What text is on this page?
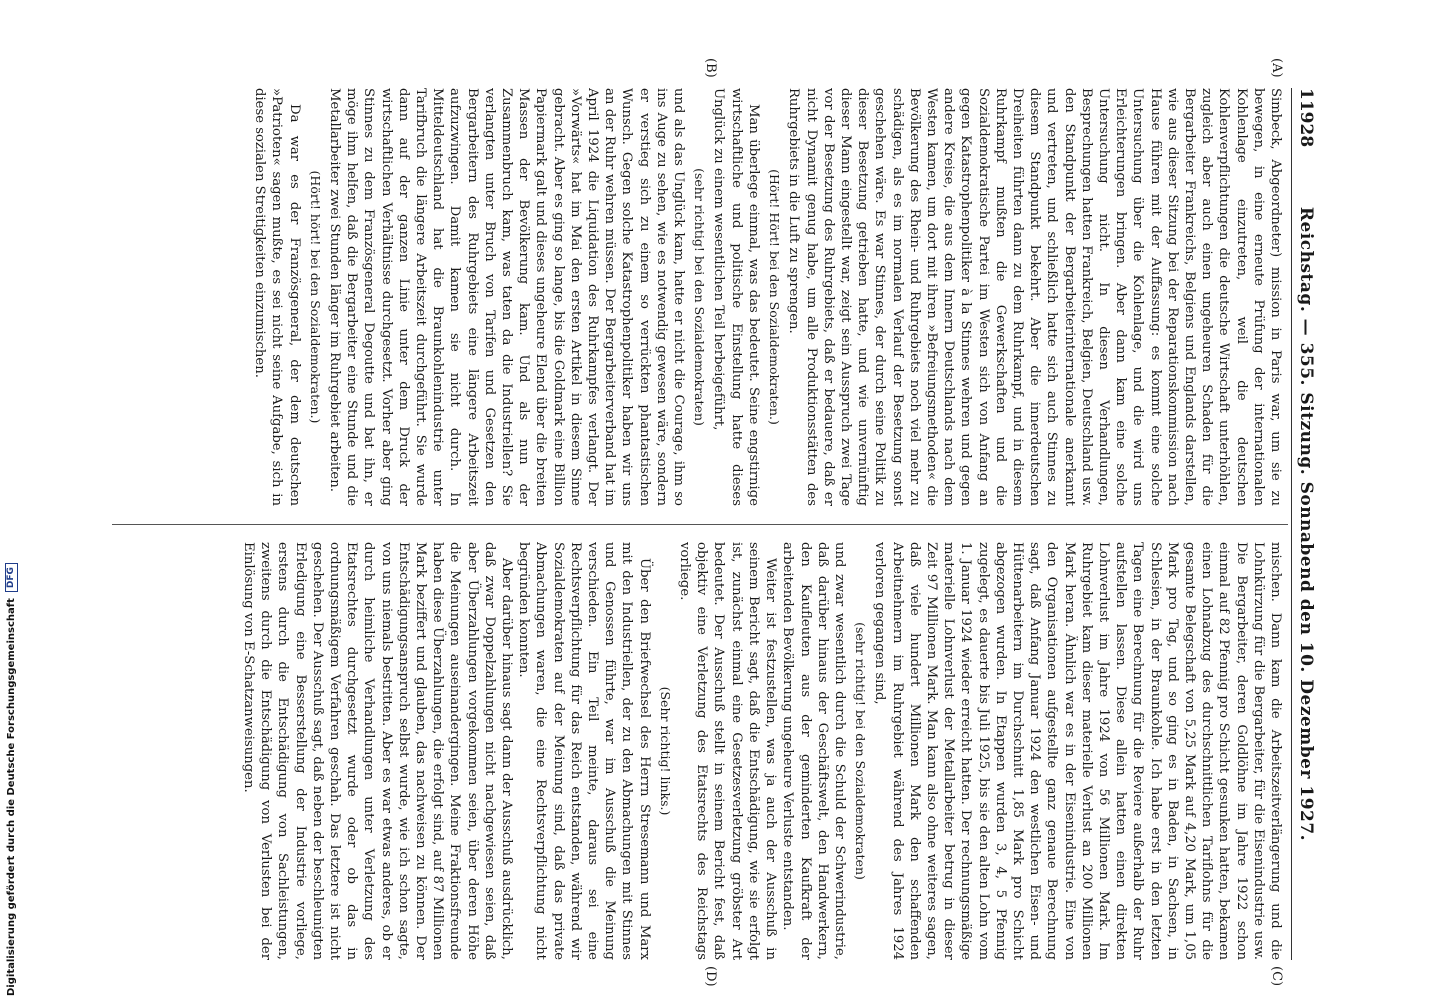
11928
Reichstag. — 355. Sitzung. Sonnabend den 10. Dezember 1927.
(A)
(B)
(C)
(D)

Simbeck, Abgeordneter) mission in Paris war, um sie zu bewegen, in eine erneute Prüfung der internationalen Kohlenlage einzutreten, weil die deutschen Kohlenverpflichtungen die deutsche Wirtschaft unterhöhlen, zugleich aber auch einen ungeheuren Schaden für die Bergarbeiter Frankreichs, Belgiens und Englands darstellen, wie aus dieser Sitzung bei der Reparationskommission nach Hause führen mit der Auffassung: es kommt eine solche Untersuchung über die Kohlenlage, und die wird uns Erleichterungen bringen. Aber dann kam eine solche Untersuchung nicht. In diesen Verhandlungen, Besprechungen hatten Frankreich, Belgien, Deutschland usw. den Standpunkt der Bergarbeiterinternationale anerkannt und vertreten, und schließlich hatte sich auch Stinnes zu diesem Standpunkt bekehrt. Aber die innerdeutschen Dreiheiten führten dann zu dem Ruhrkampf, und in diesem Ruhrkampf mußten die Gewerkschaften und die Sozialdemokratische Partei im Westen sich von Anfang an gegen Katastrophenpolitiker à la Stinnes wehren und gegen andere Kreise, die aus dem Innern Deutschlands nach dem Westen kamen, um dort mit ihren »Befreiungsmethoden« die Bevölkerung des Rhein- und Ruhrgebiets noch viel mehr zu schädigen, als es im normalen Verlauf der Besetzung sonst geschehen wäre. Es war Stinnes, der durch seine Politik zu dieser Besetzung getrieben hatte, und wie unvernünftig dieser Mann eingestellt war, zeigt sein Ausspruch zwei Tage vor der Besetzung des Ruhrgebiets, daß er bedauere, daß er nicht Dynamit genug habe, um alle Produktionsstätten des Ruhrgebiets in die Luft zu sprengen.

(Hört! Hört! bei den Sozialdemokraten.)

Man überlege einmal, was das bedeutet. Seine engstirnige wirtschaftliche und politische Einstellung hatte dieses Unglück zu einem wesentlichen Teil herbeigeführt,

(sehr richtig! bei den Sozialdemokraten)

und als das Unglück kam, hatte er nicht die Courage, ihm so ins Auge zu sehen, wie es notwendig gewesen wäre, sondern er verstieg sich zu einem so verrückten phantastischen Wunsch. Gegen solche Katastrophenpolitiker haben wir uns an der Ruhr wehren müssen. Der Bergarbeiterverband hat im April 1924 die Liquidation des Ruhrkampfes verlangt. Der »Vorwärts« hat im Mai den ersten Artikel in diesem Sinne gebracht. Aber es ging so lange, bis die Goldmark eine Billion Papiermark galt und dieses ungeheure Elend über die breiten Massen der Bevölkerung kam. Und als nun der Zusammenbruch kam, was taten da die Industriellen? Sie verlangten unter Bruch von Tarifen und Gesetzen den Bergarbeitern des Ruhrgebiets eine längere Arbeitszeit aufzuzwingen. Damit kamen sie nicht durch. In Mitteldeutschland hat die Braunkohlenindustrie unter Tarifbruch die längere Arbeitszeit durchgeführt. Sie wurde dann auf der ganzen Linie unter dem Druck der wirtschaftlichen Verhältnisse durchgesetzt. Vorher aber ging Stinnes zu dem Französgeneral Degoutte und bat ihn, er möge ihm helfen, daß die Bergarbeiter eine Stunde und die Metallarbeiter zwei Stunden länger im Ruhrgebiet arbeiten.

(Hört! hört! bei den Sozialdemokraten.)

Da war es der Französgeneral, der dem deutschen »Patrioten« sagen mußte, es sei nicht seine Aufgabe, sich in diese sozialen Streitigkeiten einzumischen.

mischen. Dann kam die Arbeitszeitverlängerung und die Lohnkürzung für die Bergarbeiter, für die Eisenindustrie usw. Die Bergarbeiter, deren Goldlöhne im Jahre 1922 schon einmal auf 82 Pfennig pro Schicht gesunken hatten, bekamen einen Lohnabzug des durchschnittlichen Tariflohns für die gesamte Belegschaft von 5,25 Mark auf 4,20 Mark, um 1,05 Mark pro Tag, und so ging es in Baden, in Sachsen, in Schlesien, in der Braunkohle. Ich habe erst in den letzten Tagen eine Berechnung für die Reviere außerhalb der Ruhr aufstellen lassen. Diese allein hatten einen direkten Lohnverlust im Jahre 1924 von 56 Millionen Mark. Im Ruhrgebiet kam dieser materielle Verlust an 200 Millionen Mark heran. Ähnlich war es in der Eisenindustrie. Eine von den Organisationen aufgestellte ganz genaue Berechnung sagt, daß Anfang Januar 1924 den westlichen Eisen- und Hüttenarbeitern im Durchschnitt 1,85 Mark pro Schicht abgezogen wurden. In Etappen wurden 3, 4, 5 Pfennig zugelegt, es dauerte bis Juli 1925, bis sie den alten Lohn vom 1. Januar 1924 wieder erreicht hatten. Der rechnungsmäßige materielle Lohnverlust der Metallarbeiter betrug in dieser Zeit 97 Millionen Mark. Man kann also ohne weiteres sagen, daß viele hundert Millionen Mark den schaffenden Arbeitnehmern im Ruhrgebiet während des Jahres 1924 verloren gegangen sind,

(sehr richtig! bei den Sozialdemokraten)

und zwar wesentlich durch die Schuld der Schwerindustrie, daß darüber hinaus der Geschäftswelt, den Handwerkern, den Kaufleuten aus der geminderten Kaufkraft der arbeitenden Bevölkerung ungeheure Verluste entstanden.

Weiter ist festzustellen, was ja auch der Ausschuß in seinem Bericht sagt, daß die Entschädigung, wie sie erfolgt ist, zunächst einmal eine Gesetzesverletzung gröbster Art bedeutet. Der Ausschuß stellt in seinem Bericht fest, daß objektiv eine Verletzung des Etatsrechts des Reichstags vorliege.

(Sehr richtig! links.)

Über den Briefwechsel des Herrn Stresemann und Marx mit den Industriellen, der zu den Abmachungen mit Stinnes und Genossen führte, war im Ausschuß die Meinung verschieden. Ein Teil meinte, daraus sei eine Rechtsverpflichtung für das Reich entstanden, während wir Sozialdemokraten auf der Meinung sind, daß das private Abmachungen waren, die eine Rechtsverpflichtung nicht begründen konnten.

Aber darüber hinaus sagt dann der Ausschuß ausdrücklich, daß zwar Doppelzahlungen nicht nachgewiesen seien, daß aber Überzahlungen vorgekommen seien, über deren Höhe die Meinungen auseinandergingen. Meine Fraktionsfreunde haben diese Überzahlungen, die erfolgt sind, auf 87 Millionen Mark beziffert und glauben, das nachweisen zu können. Der Entschädigungsanspruch selbst wurde, wie ich schon sagte, von uns niemals bestritten. Aber es war etwas anderes, ob er durch heimliche Verhandlungen unter Verletzung des Etatsrechtes durchgesetzt wurde oder ob das in ordnungsmäßigem Verfahren geschah. Das letztere ist nicht geschehen. Der Ausschuß sagt, daß neben der beschleunigten Erledigung eine Besserstellung der Industrie vorliege, erstens durch die Entschädigung von Sachleistungen, zweitens durch die Entschädigung von Verlusten bei der Einlösung von E-Schatzanweisungen.

Digitalisierung gefördert durch die Deutsche Forschungsgemeinschaft
DFG
